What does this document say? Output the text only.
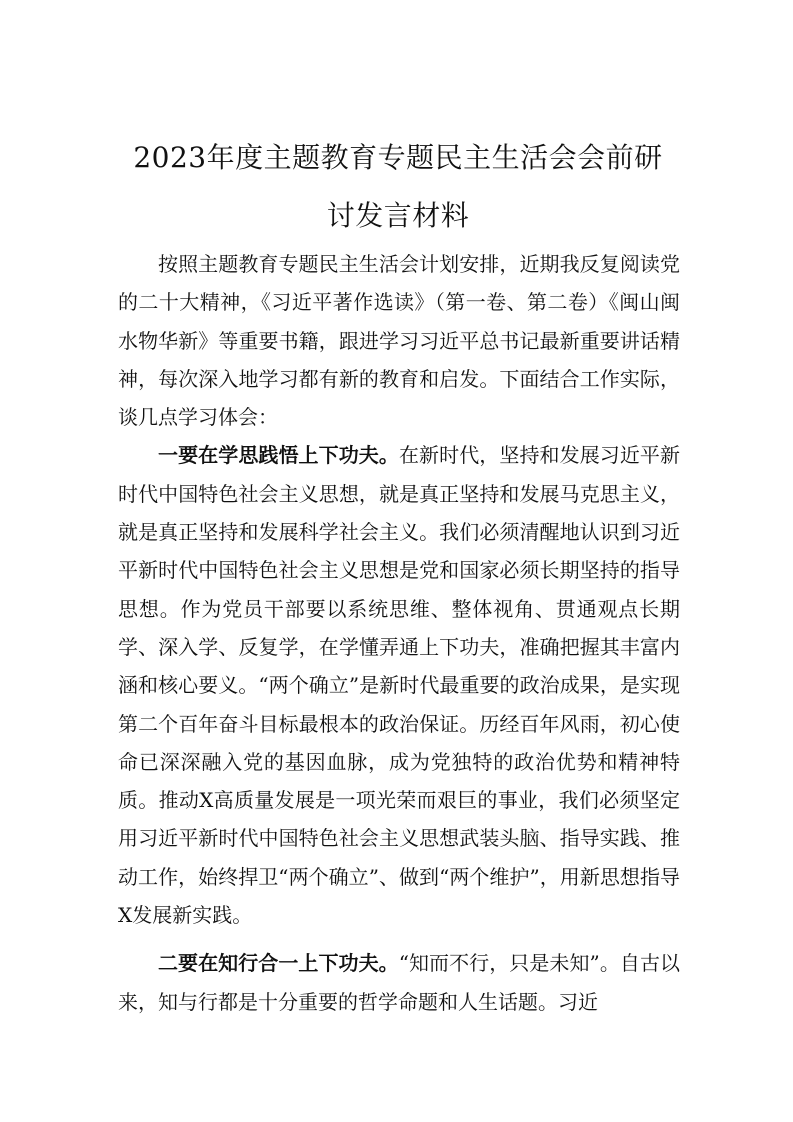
2023年度主题教育专题民主生活会会前研
讨发言材料

按照主题教育专题民主生活会计划安排，近期我反复阅读党的二十大精神，《习近平著作选读》（第一卷、第二卷）《闽山闽水物华新》等重要书籍，跟进学习习近平总书记最新重要讲话精神，每次深入地学习都有新的教育和启发。下面结合工作实际，谈几点学习体会：

一要在学思践悟上下功夫。在新时代，坚持和发展习近平新时代中国特色社会主义思想，就是真正坚持和发展马克思主义，就是真正坚持和发展科学社会主义。我们必须清醒地认识到习近平新时代中国特色社会主义思想是党和国家必须长期坚持的指导思想。作为党员干部要以系统思维、整体视角、贯通观点长期学、深入学、反复学，在学懂弄通上下功夫，准确把握其丰富内涵和核心要义。“两个确立”是新时代最重要的政治成果，是实现第二个百年奋斗目标最根本的政治保证。历经百年风雨，初心使命已深深融入党的基因血脉，成为党独特的政治优势和精神特质。推动X高质量发展是一项光荣而艰巨的事业，我们必须坚定用习近平新时代中国特色社会主义思想武装头脑、指导实践、推动工作，始终捍卫“两个确立”、做到“两个维护”，用新思想指导X发展新实践。

二要在知行合一上下功夫。“知而不行，只是未知”。自古以来，知与行都是十分重要的哲学命题和人生话题。习近
